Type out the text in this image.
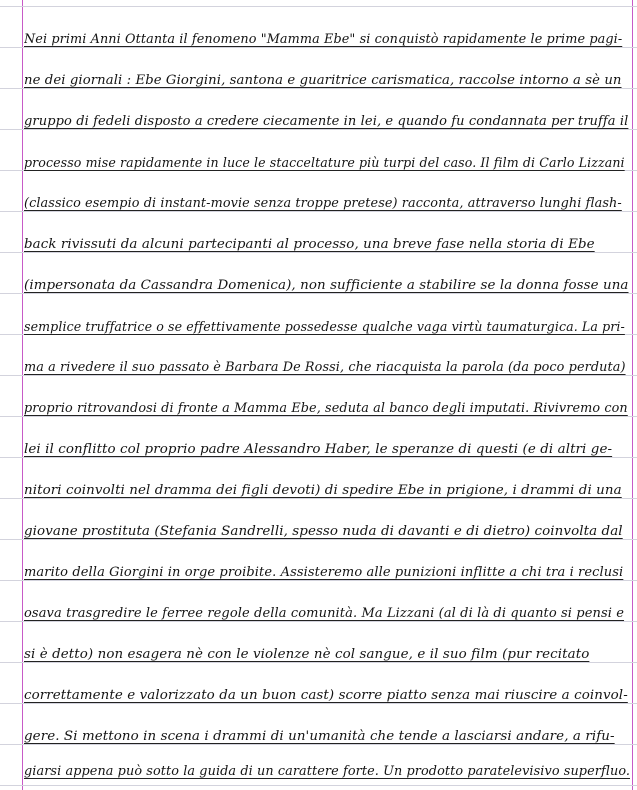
Nei primi Anni Ottanta il fenomeno "Mamma Ebe" si conquistò rapidamente le prime pagi-
ne dei giornali : Ebe Giorgini, santona e guaritrice carismatica, raccolse intorno a sè un
gruppo di fedeli disposto a credere ciecamente in lei, e quando fu condannata per truffa il
processo mise rapidamente in luce le stacceltature più turpi del caso. Il film di Carlo Lizzani
(classico esempio di instant-movie senza troppe pretese) racconta, attraverso lunghi flash-
back rivissuti da alcuni partecipanti al processo, una breve fase nella storia di Ebe
(impersonata da Cassandra Domenica), non sufficiente a stabilire se la donna fosse una
semplice truffatrice o se effettivamente possedesse qualche vaga virtù taumaturgica. La pri-
ma a rivedere il suo passato è Barbara De Rossi, che riacquista la parola (da poco perduta)
proprio ritrovandosi di fronte a Mamma Ebe, seduta al banco degli imputati. Rivivremo con
lei il conflitto col proprio padre Alessandro Haber, le speranze di questi (e di altri ge-
nitori coinvolti nel dramma dei figli devoti) di spedire Ebe in prigione, i drammi di una
giovane prostituta (Stefania Sandrelli, spesso nuda di davanti e di dietro) coinvolta dal
marito della Giorgini in orge proibite. Assisteremo alle punizioni inflitte a chi tra i reclusi
osava trasgredire le ferree regole della comunità. Ma Lizzani (al di là di quanto si pensi e
si è detto) non esagera nè con le violenze nè col sangue, e il suo film (pur recitato
correttamente e valorizzato da un buon cast) scorre piatto senza mai riuscire a coinvol-
gere. Si mettono in scena i drammi di un'umanità che tende a lasciarsi andare, a rifu-
giarsi appena può sotto la guida di un carattere forte. Un prodotto paratelevisivo superfluo.
